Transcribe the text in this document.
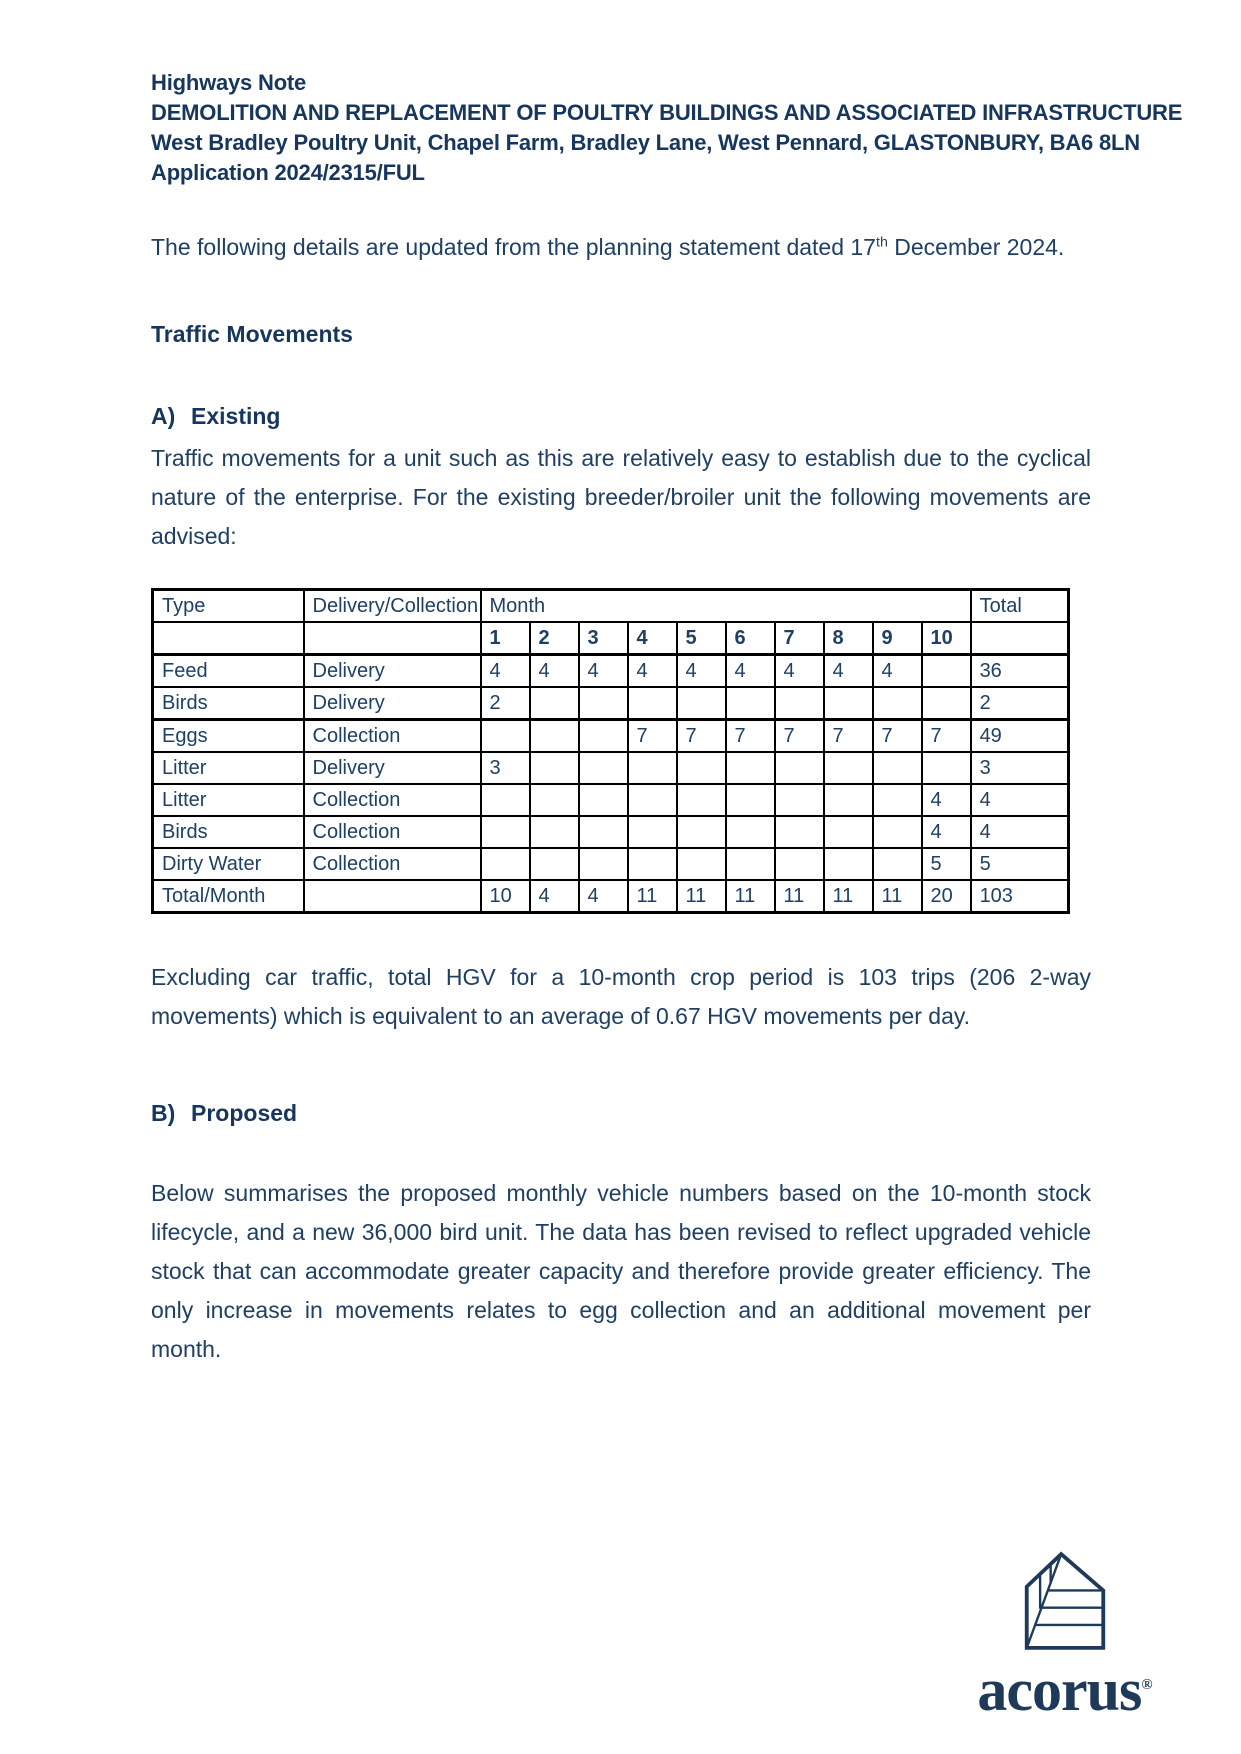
Highways Note

DEMOLITION AND REPLACEMENT OF POULTRY BUILDINGS AND ASSOCIATED INFRASTRUCTURE

West Bradley Poultry Unit, Chapel Farm, Bradley Lane, West Pennard, GLASTONBURY, BA6 8LN

Application 2024/2315/FUL

The following details are updated from the planning statement dated 17th December 2024.

Traffic Movements
A) Existing

Traffic movements for a unit such as this are relatively easy to establish due to the cyclical nature of the enterprise. For the existing breeder/broiler unit the following movements are advised:

Type	Delivery/Collection	Month										Total
		1	2	3	4	5	6	7	8	9	10	
Feed	Delivery	4	4	4	4	4	4	4	4	4		36
Birds	Delivery	2										2
Eggs	Collection				7	7	7	7	7	7	7	49
Litter	Delivery	3										3
Litter	Collection										4	4
Birds	Collection										4	4
Dirty Water	Collection										5	5
Total/Month		10	4	4	11	11	11	11	11	11	20	103

Excluding car traffic, total HGV for a 10-month crop period is 103 trips (206 2-way movements) which is equivalent to an average of 0.67 HGV movements per day.

B) Proposed

Below summarises the proposed monthly vehicle numbers based on the 10-month stock lifecycle, and a new 36,000 bird unit. The data has been revised to reflect upgraded vehicle stock that can accommodate greater capacity and therefore provide greater efficiency. The only increase in movements relates to egg collection and an additional movement per month.

acorus®
